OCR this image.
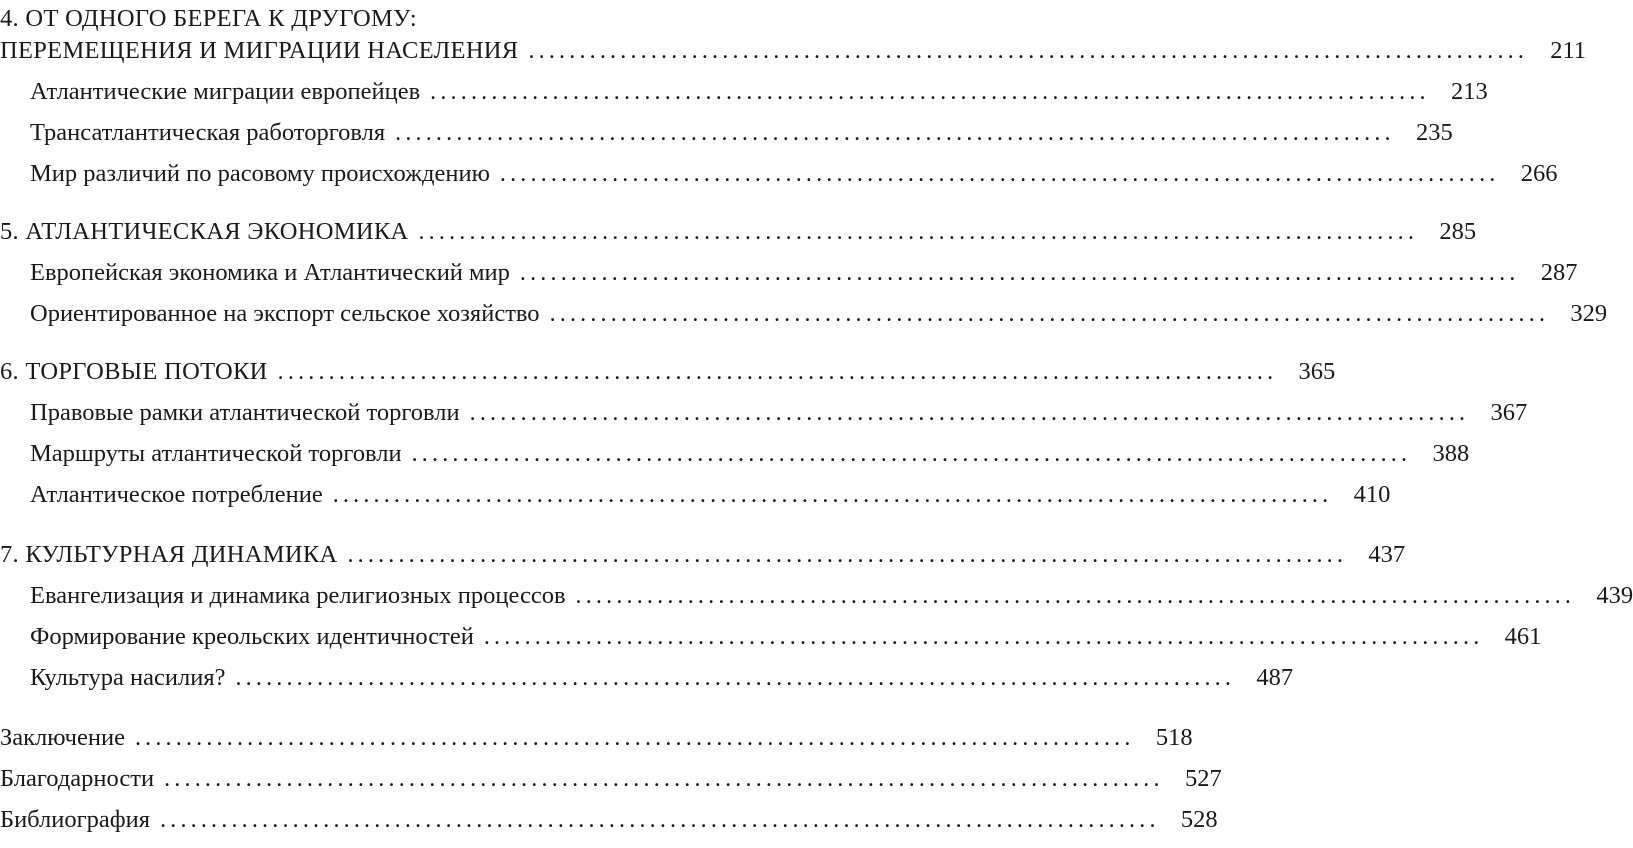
4. ОТ ОДНОГО БЕРЕГА К ДРУГОМУ:
ПЕРЕМЕЩЕНИЯ И МИГРАЦИИ НАСЕЛЕНИЯ .................................................................................................. 211
Атлантические миграции европейцев .................................................................................................. 213
Трансатлантическая работорговля .................................................................................................. 235
Мир различий по расовому происхождению .................................................................................................. 266
5. АТЛАНТИЧЕСКАЯ ЭКОНОМИКА .................................................................................................. 285
Европейская экономика и Атлантический мир .................................................................................................. 287
Ориентированное на экспорт сельское хозяйство .................................................................................................. 329
6. ТОРГОВЫЕ ПОТОКИ .................................................................................................. 365
Правовые рамки атлантической торговли .................................................................................................. 367
Маршруты атлантической торговли .................................................................................................. 388
Атлантическое потребление .................................................................................................. 410
7. КУЛЬТУРНАЯ ДИНАМИКА .................................................................................................. 437
Евангелизация и динамика религиозных процессов .................................................................................................. 439
Формирование креольских идентичностей .................................................................................................. 461
Культура насилия? .................................................................................................. 487
Заключение .................................................................................................. 518
Благодарности .................................................................................................. 527
Библиография .................................................................................................. 528
